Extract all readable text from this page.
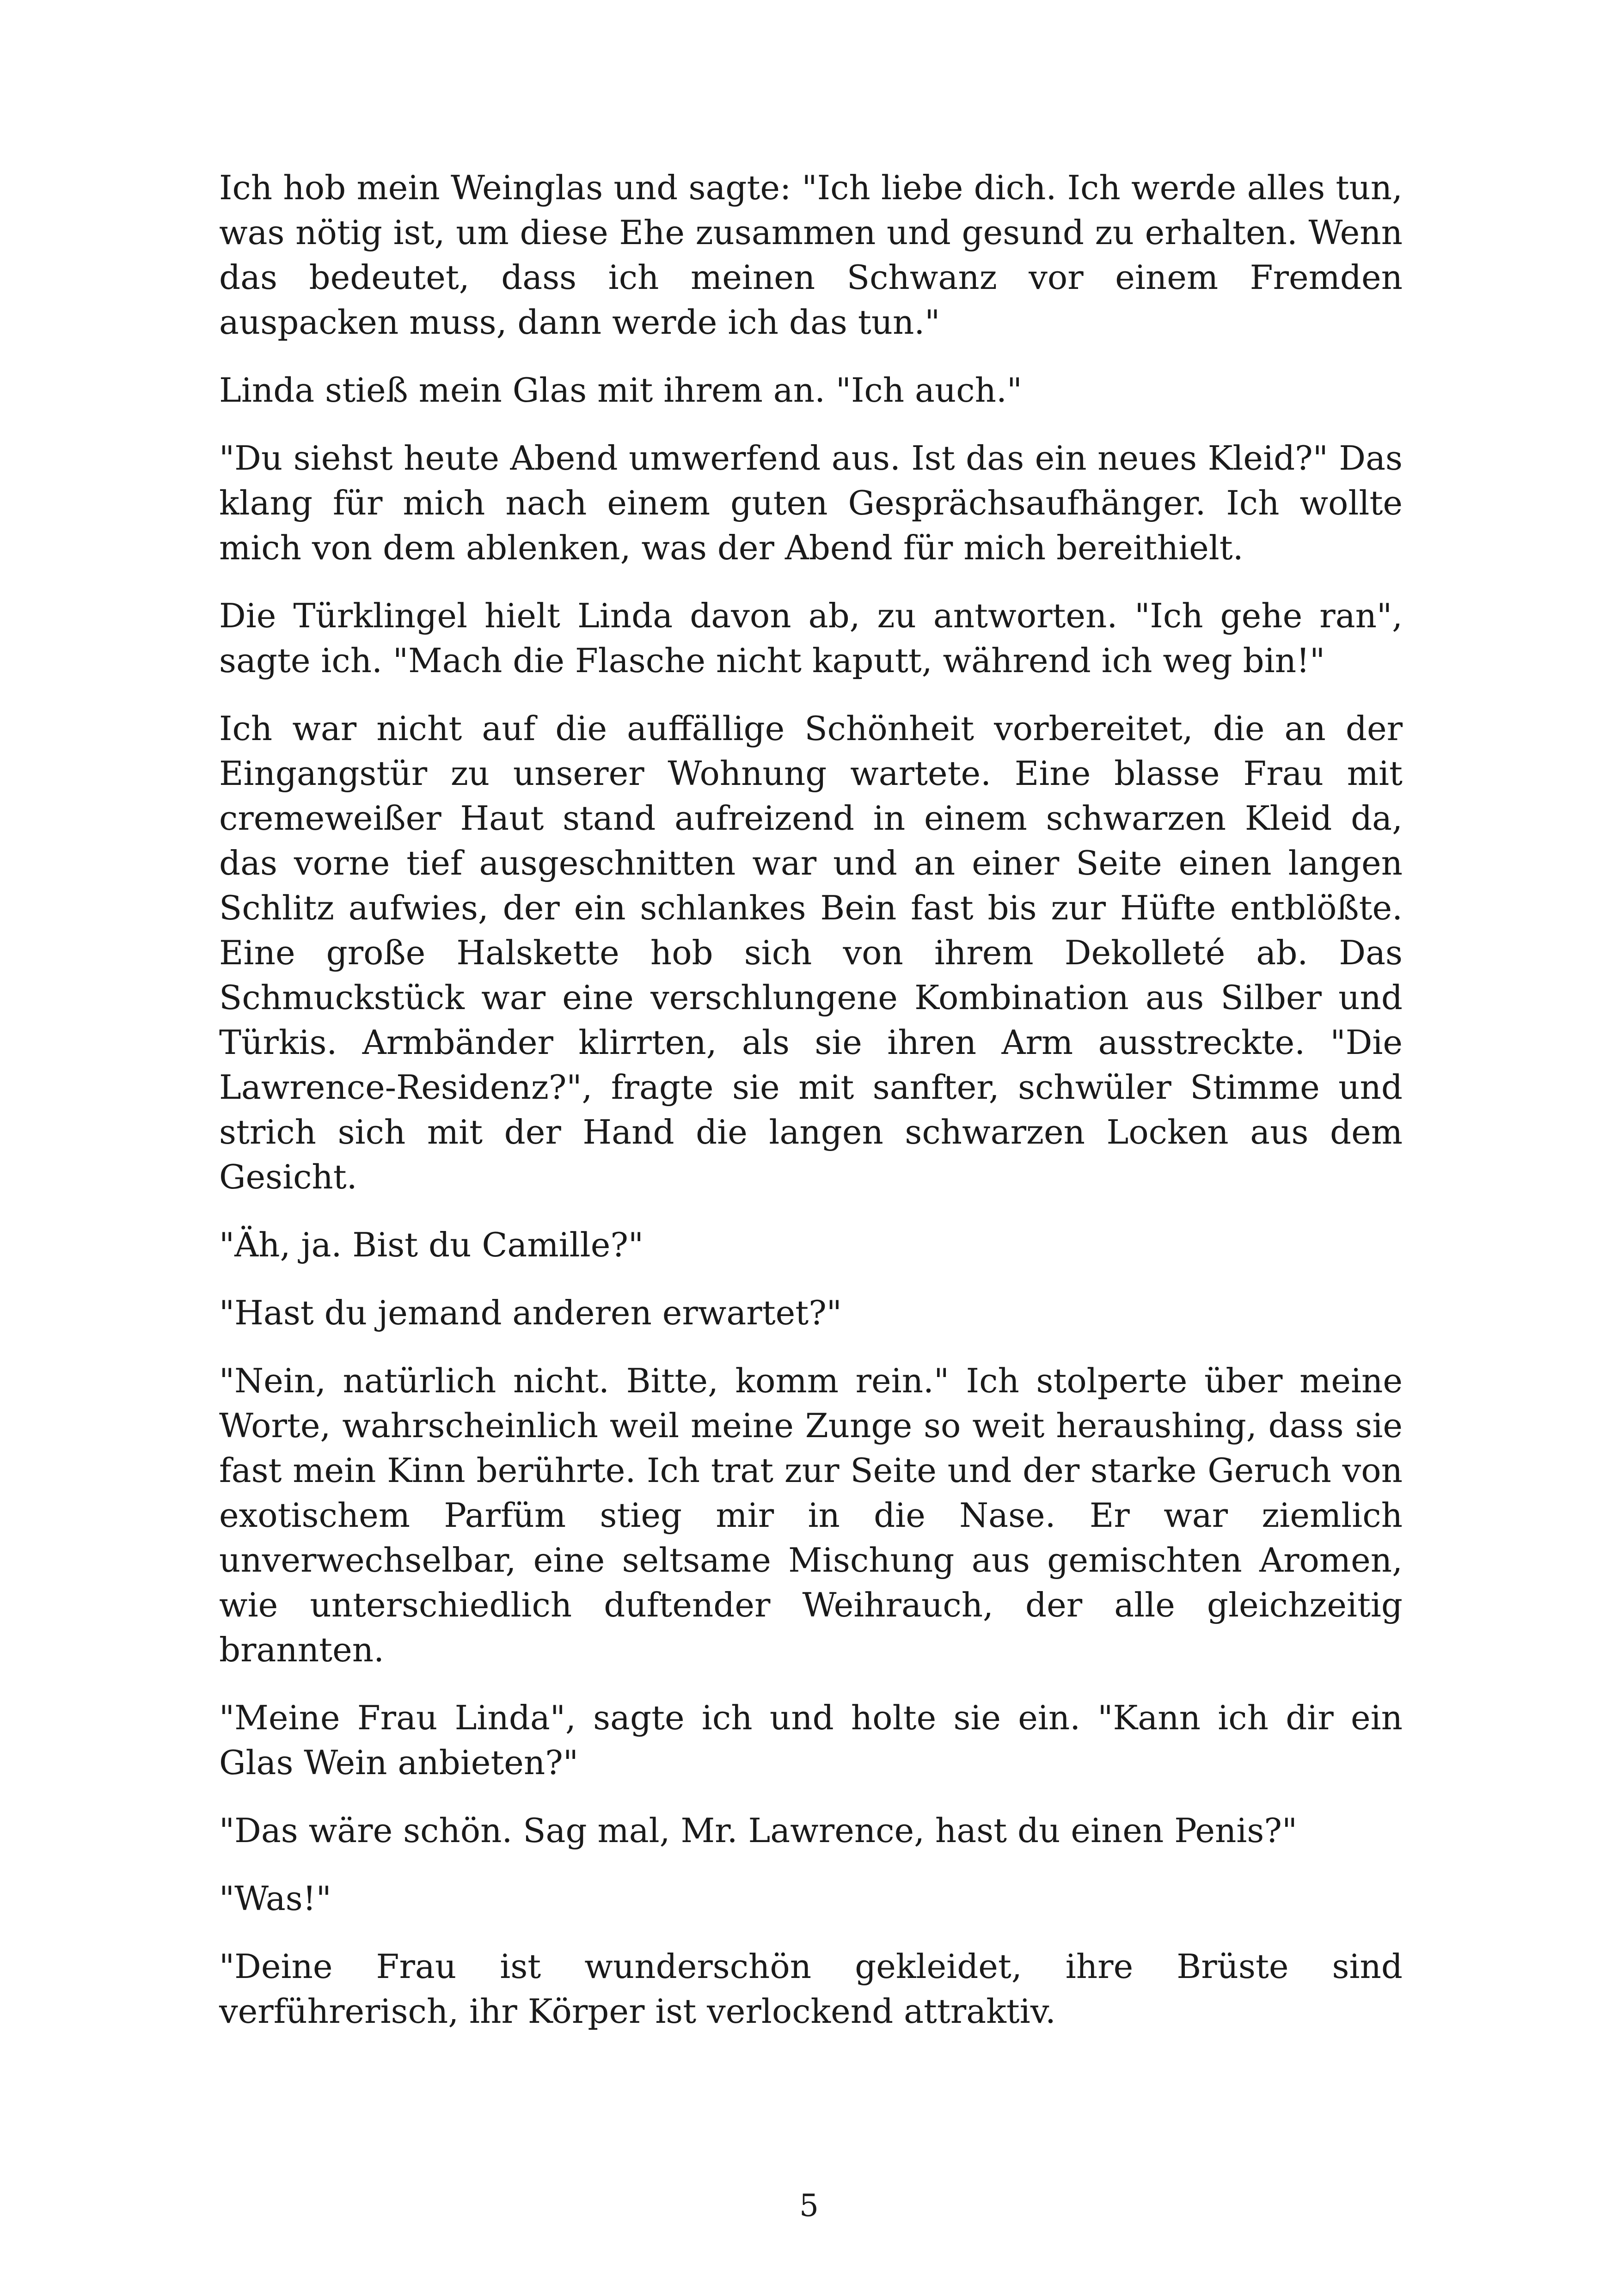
Ich hob mein Weinglas und sagte: "Ich liebe dich. Ich werde alles tun, was nötig ist, um diese Ehe zusammen und gesund zu erhalten. Wenn das bedeutet, dass ich meinen Schwanz vor einem Fremden auspacken muss, dann werde ich das tun."

Linda stieß mein Glas mit ihrem an. "Ich auch."

"Du siehst heute Abend umwerfend aus. Ist das ein neues Kleid?" Das klang für mich nach einem guten Gesprächsaufhänger. Ich wollte mich von dem ablenken, was der Abend für mich bereithielt.

Die Türklingel hielt Linda davon ab, zu antworten. "Ich gehe ran", sagte ich. "Mach die Flasche nicht kaputt, während ich weg bin!"

Ich war nicht auf die auffällige Schönheit vorbereitet, die an der Eingangstür zu unserer Wohnung wartete. Eine blasse Frau mit cremeweißer Haut stand aufreizend in einem schwarzen Kleid da, das vorne tief ausgeschnitten war und an einer Seite einen langen Schlitz aufwies, der ein schlankes Bein fast bis zur Hüfte entblößte. Eine große Halskette hob sich von ihrem Dekolleté ab. Das Schmuckstück war eine verschlungene Kombination aus Silber und Türkis. Armbänder klirrten, als sie ihren Arm ausstreckte. "Die Lawrence-Residenz?", fragte sie mit sanfter, schwüler Stimme und strich sich mit der Hand die langen schwarzen Locken aus dem Gesicht.

"Äh, ja. Bist du Camille?"

"Hast du jemand anderen erwartet?"

"Nein, natürlich nicht. Bitte, komm rein." Ich stolperte über meine Worte, wahrscheinlich weil meine Zunge so weit heraushing, dass sie fast mein Kinn berührte. Ich trat zur Seite und der starke Geruch von exotischem Parfüm stieg mir in die Nase. Er war ziemlich unverwechselbar, eine seltsame Mischung aus gemischten Aromen, wie unterschiedlich duftender Weihrauch, der alle gleichzeitig brannten.

"Meine Frau Linda", sagte ich und holte sie ein. "Kann ich dir ein Glas Wein anbieten?"

"Das wäre schön. Sag mal, Mr. Lawrence, hast du einen Penis?"

"Was!"

"Deine Frau ist wunderschön gekleidet, ihre Brüste sind verführerisch, ihr Körper ist verlockend attraktiv.

5
